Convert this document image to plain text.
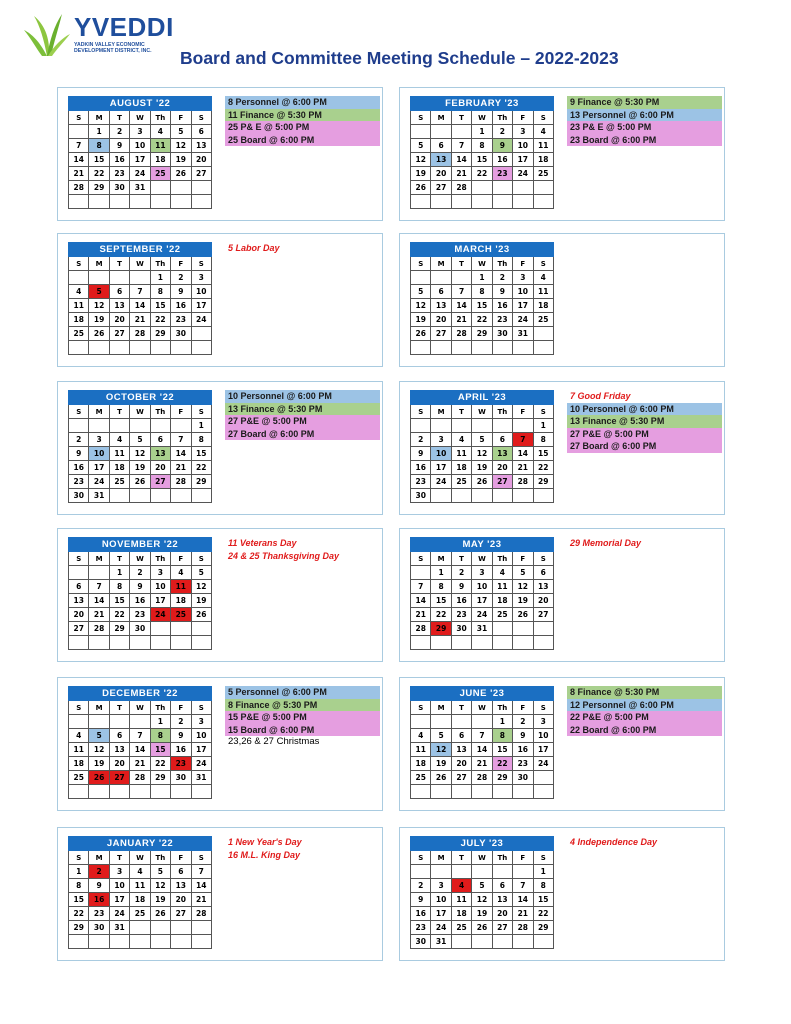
YVEDDI
YADKIN VALLEY ECONOMIC DEVELOPMENT DISTRICT, INC.	Board and Committee Meeting Schedule – 2022-2023
AUGUST '22						
S	M	T	W	Th	F	S
	1	2	3	4	5	6
7	8	9	10	11	12	13
14	15	16	17	18	19	20
21	22	23	24	25	26	27
28	29	30	31			

8 Personnel @ 6:00 PM
11 Finance @ 5:30 PM
25 P& E @ 5:00 PM
25 Board @ 6:00 PM
FEBRUARY '23						
S	M	T	W	Th	F	S
			1	2	3	4
5	6	7	8	9	10	11
12	13	14	15	16	17	18
19	20	21	22	23	24	25
26	27	28				

9 Finance @ 5:30 PM
13 Personnel @ 6:00 PM
23 P& E @ 5:00 PM
23 Board @ 6:00 PM
SEPTEMBER '22						
S	M	T	W	Th	F	S
				1	2	3
4	5	6	7	8	9	10
11	12	13	14	15	16	17
18	19	20	21	22	23	24
25	26	27	28	29	30	

5 Labor Day	MARCH '23						
S	M	T	W	Th	F	S
			1	2	3	4
5	6	7	8	9	10	11
12	13	14	15	16	17	18
19	20	21	22	23	24	25
26	27	28	29	30	31	

OCTOBER '22						
S	M	T	W	Th	F	S
						1
2	3	4	5	6	7	8
9	10	11	12	13	14	15
16	17	18	19	20	21	22
23	24	25	26	27	28	29
30	31					
10 Personnel @ 6:00 PM
13 Finance @ 5:30 PM
27 P&E @ 5:00 PM
27 Board @ 6:00 PM
APRIL '23						
S	M	T	W	Th	F	S
						1
2	3	4	5	6	7	8
9	10	11	12	13	14	15
16	17	18	19	20	21	22
23	24	25	26	27	28	29
30						
7 Good Friday
10 Personnel @ 6:00 PM
13 Finance @ 5:30 PM
27 P&E @ 5:00 PM
27 Board @ 6:00 PM
NOVEMBER '22						
S	M	T	W	Th	F	S
		1	2	3	4	5
6	7	8	9	10	11	12
13	14	15	16	17	18	19
20	21	22	23	24	25	26
27	28	29	30			

11 Veterans Day
24 & 25 Thanksgiving Day
MAY '23						
S	M	T	W	Th	F	S
	1	2	3	4	5	6
7	8	9	10	11	12	13
14	15	16	17	18	19	20
21	22	23	24	25	26	27
28	29	30	31			

29 Memorial Day
DECEMBER '22						
S	M	T	W	Th	F	S
				1	2	3
4	5	6	7	8	9	10
11	12	13	14	15	16	17
18	19	20	21	22	23	24
25	26	27	28	29	30	31

5 Personnel @ 6:00 PM
8 Finance @ 5:30 PM
15 P&E @ 5:00 PM
15 Board @ 6:00 PM
23,26 & 27 Christmas
JUNE '23						
S	M	T	W	Th	F	S
				1	2	3
4	5	6	7	8	9	10
11	12	13	14	15	16	17
18	19	20	21	22	23	24
25	26	27	28	29	30	

8 Finance @ 5:30 PM
12 Personnel @ 6:00 PM
22 P&E @ 5:00 PM
22 Board @ 6:00 PM
JANUARY '22						
S	M	T	W	Th	F	S
1	2	3	4	5	6	7
8	9	10	11	12	13	14
15	16	17	18	19	20	21
22	23	24	25	26	27	28
29	30	31				

1 New Year's Day
16 M.L. King Day
JULY '23						
S	M	T	W	Th	F	S
						1
2	3	4	5	6	7	8
9	10	11	12	13	14	15
16	17	18	19	20	21	22
23	24	25	26	27	28	29
30	31					
4 Independence Day
